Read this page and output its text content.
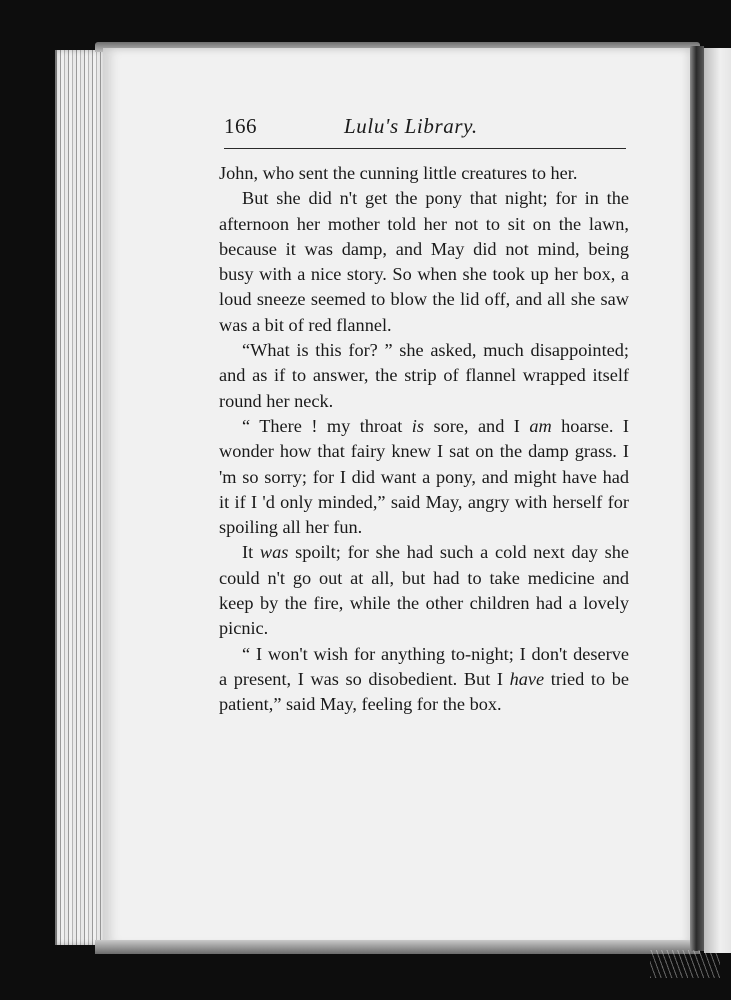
166	Lulu's Library.

John, who sent the cunning little creatures to her.

But she did n't get the pony that night; for in the afternoon her mother told her not to sit on the lawn, because it was damp, and May did not mind, being busy with a nice story. So when she took up her box, a loud sneeze seemed to blow the lid off, and all she saw was a bit of red flannel.

“What is this for? ” she asked, much disappointed; and as if to answer, the strip of flannel wrapped itself round her neck.

“ There ! my throat is sore, and I am hoarse. I wonder how that fairy knew I sat on the damp grass. I 'm so sorry; for I did want a pony, and might have had it if I 'd only minded,” said May, angry with herself for spoiling all her fun.

It was spoilt; for she had such a cold next day she could n't go out at all, but had to take medicine and keep by the fire, while the other children had a lovely picnic.

“ I won't wish for anything to-night; I don't deserve a present, I was so disobedient. But I have tried to be patient,” said May, feeling for the box.
